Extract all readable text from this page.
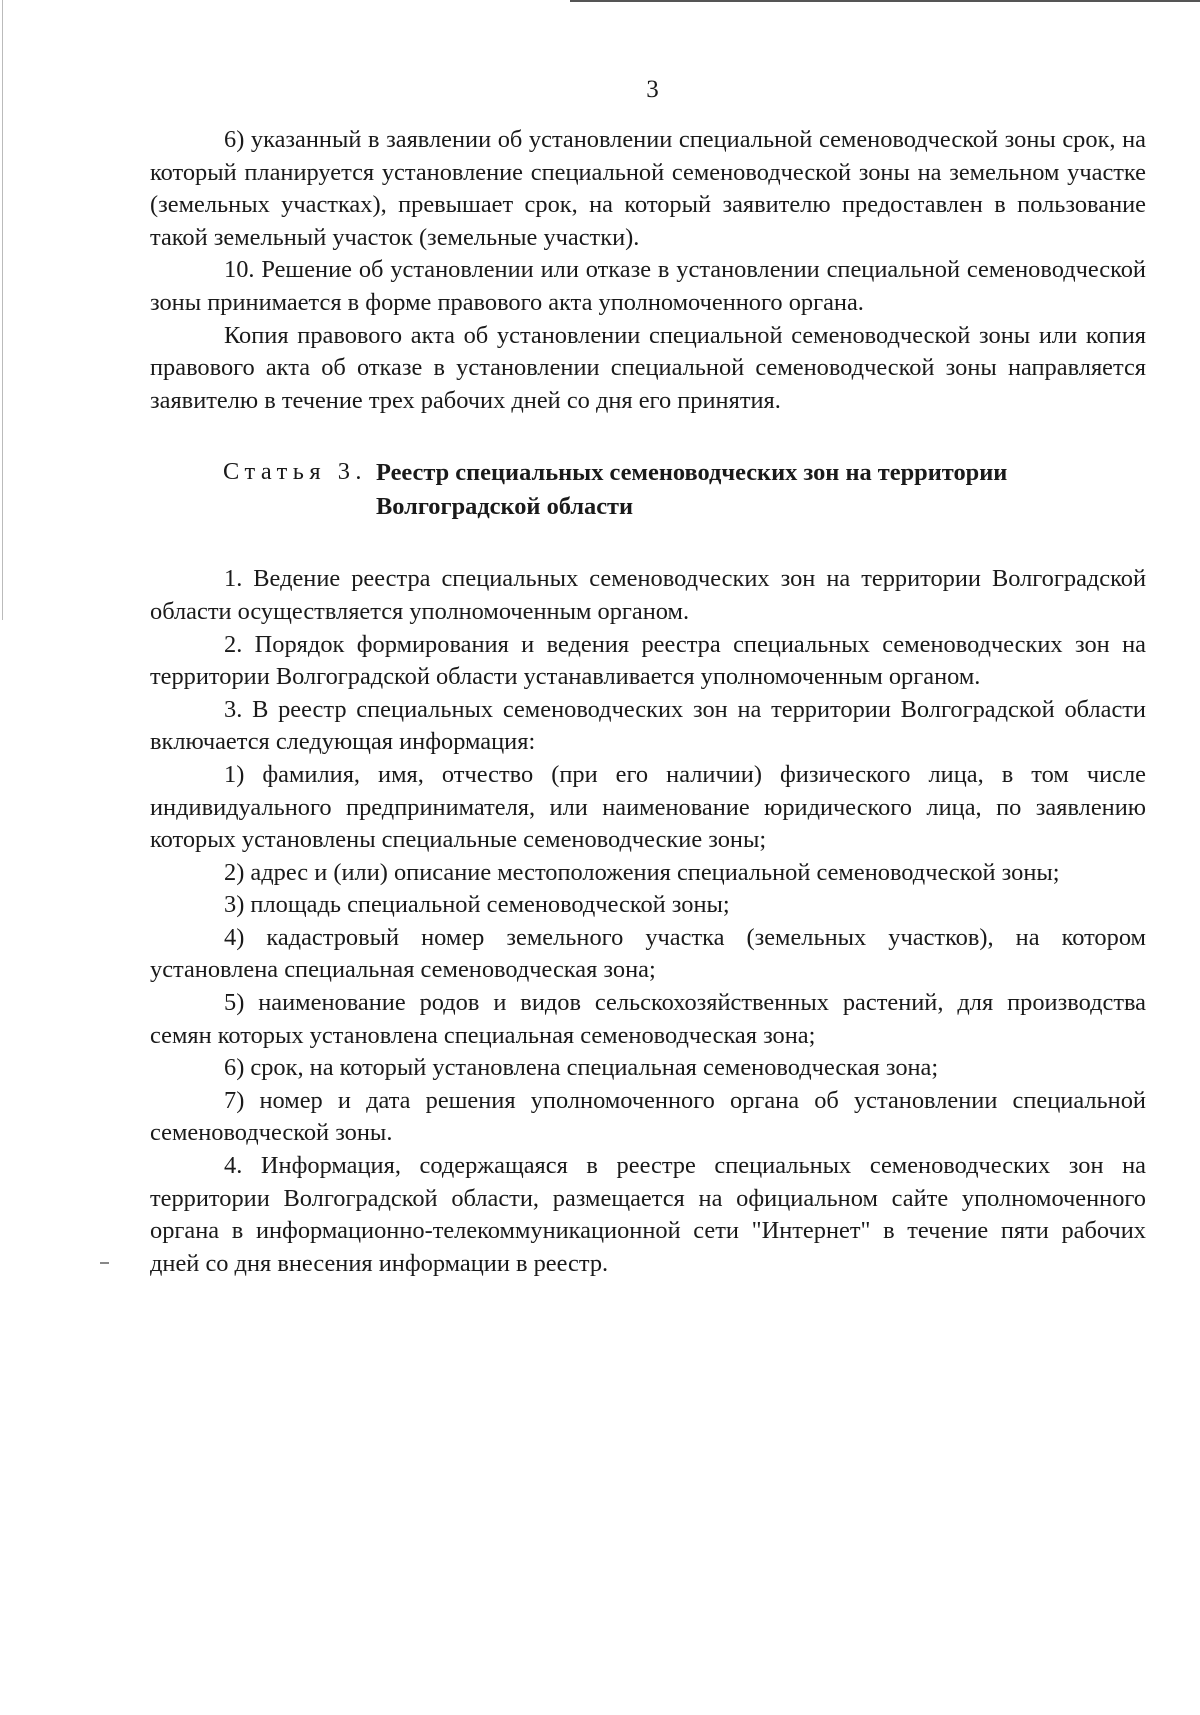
3

6) указанный в заявлении об установлении специальной семеноводческой зоны срок, на который планируется установление специальной семеноводческой зоны на земельном участке (земельных участках), превышает срок, на который заявителю предоставлен в пользование такой земельный участок (земельные участки).

10. Решение об установлении или отказе в установлении специальной семеноводческой зоны принимается в форме правового акта уполномоченного органа.

Копия правового акта об установлении специальной семеноводческой зоны или копия правового акта об отказе в установлении специальной семеноводческой зоны направляется заявителю в течение трех рабочих дней со дня его принятия.

Статья 3. Реестр специальных семеноводческих зон на территории Волгоградской области

1. Ведение реестра специальных семеноводческих зон на территории Волгоградской области осуществляется уполномоченным органом.

2. Порядок формирования и ведения реестра специальных семеноводческих зон на территории Волгоградской области устанавливается уполномоченным органом.

3. В реестр специальных семеноводческих зон на территории Волгоградской области включается следующая информация:

1) фамилия, имя, отчество (при его наличии) физического лица, в том числе индивидуального предпринимателя, или наименование юридического лица, по заявлению которых установлены специальные семеноводческие зоны;

2) адрес и (или) описание местоположения специальной семеноводческой зоны;

3) площадь специальной семеноводческой зоны;

4) кадастровый номер земельного участка (земельных участков), на котором установлена специальная семеноводческая зона;

5) наименование родов и видов сельскохозяйственных растений, для производства семян которых установлена специальная семеноводческая зона;

6) срок, на который установлена специальная семеноводческая зона;

7) номер и дата решения уполномоченного органа об установлении специальной семеноводческой зоны.

4. Информация, содержащаяся в реестре специальных семеноводческих зон на территории Волгоградской области, размещается на официальном сайте уполномоченного органа в информационно-телекоммуникационной сети "Интернет" в течение пяти рабочих дней со дня внесения информации в реестр.
